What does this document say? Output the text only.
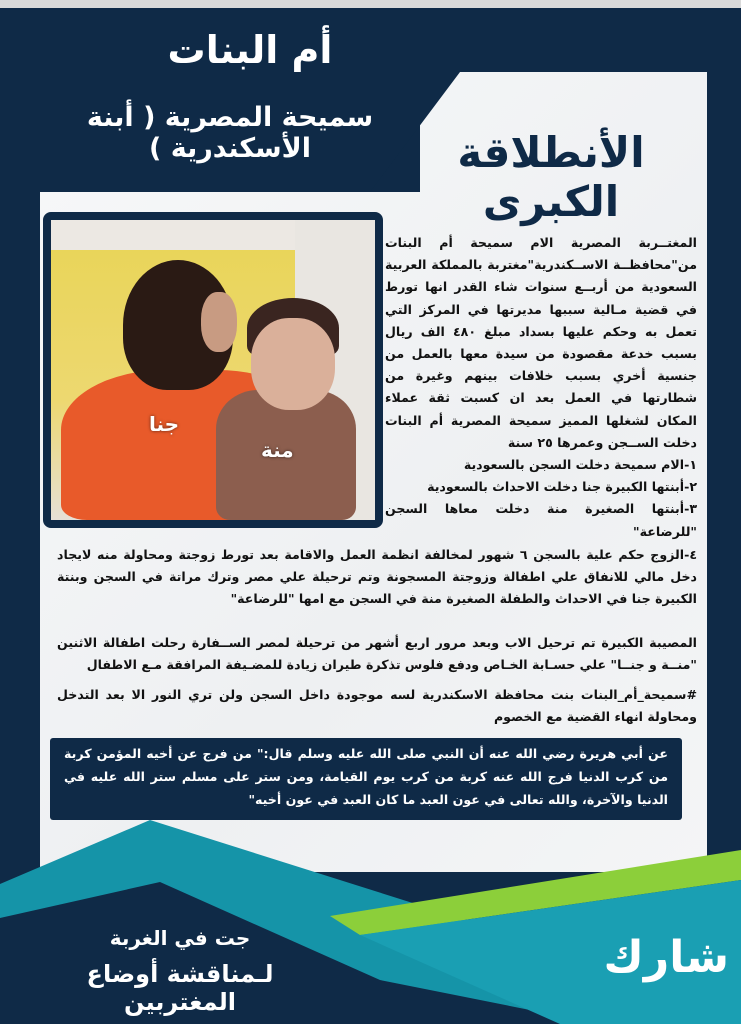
أم البنات
سميحة المصرية ( أبنة الأسكندرية )	الأنطلاقة الكبرى
جنا
منة
المغتــربة المصرية الام سميحة أم البنات من"محافظــة الاســكندرية"مغتربة بالمملكة العربية السعودية من أربــع سنوات شاء القدر انها تورط في قضية مـالية سببها مديرتها في المركز التي تعمل به وحكم عليها بسداد مبلغ ٤٨٠ الف ريال بسبب خدعة مقصودة من سيدة معها بالعمل من جنسية أخري بسبب خلافات بينهم وغيرة من شطارتها في العمل بعد ان كسبت ثقة عملاء المكان لشغلها المميز سميحة المصرية أم البنات دخلت الســجن وعمرها ٢٥ سنة
١-الام سميحة دخلت السجن بالسعودية
٢-أبنتها الكبيرة جنا دخلت الاحداث بالسعودية
٣-أبنتها الصغيرة منة دخلت معاها السجن "للرضاعة"
٤-الزوج حكم علية بالسجن ٦ شهور لمخالفة انظمة العمل والاقامة بعد تورط زوجتة ومحاولة منه لايجاد دخل مالي للانفاق علي اطفالة وزوجتة المسجونة وتم ترحيلة علي مصر وترك مراتة في السجن وبنتة الكبيرة جنا في الاحداث والطفلة الصغيرة منة في السجن مع امها "للرضاعة"
المصيبة الكبيرة تم ترحيل الاب وبعد مرور اربع أشهر من ترحيلة لمصر الســفارة رحلت اطفالة الاثنين "منــة و جنــا" علي حسـابة الخـاص ودفع فلوس تذكرة طيران زيادة للمضـيفة المرافقة مـع الاطفال
#سميحة_أم_البنات بنت محافظة الاسكندرية لسه موجودة داخل السجن ولن تري النور الا بعد التدخل ومحاولة انهاء القضية مع الخصوم
عن أبي هريرة رضي الله عنه أن النبي صلى الله عليه وسلم قال:" من فرج عن أخيه المؤمن كربة من كرب الدنيا فرج الله عنه كربة من كرب يوم القيامة، ومن ستر على مسلم ستر الله عليه في الدنيا والآخرة، والله تعالى في عون العبد ما كان العبد في عون أخيه"
جت في الغربة
لـمناقشة أوضاع المغتربين
شارك
